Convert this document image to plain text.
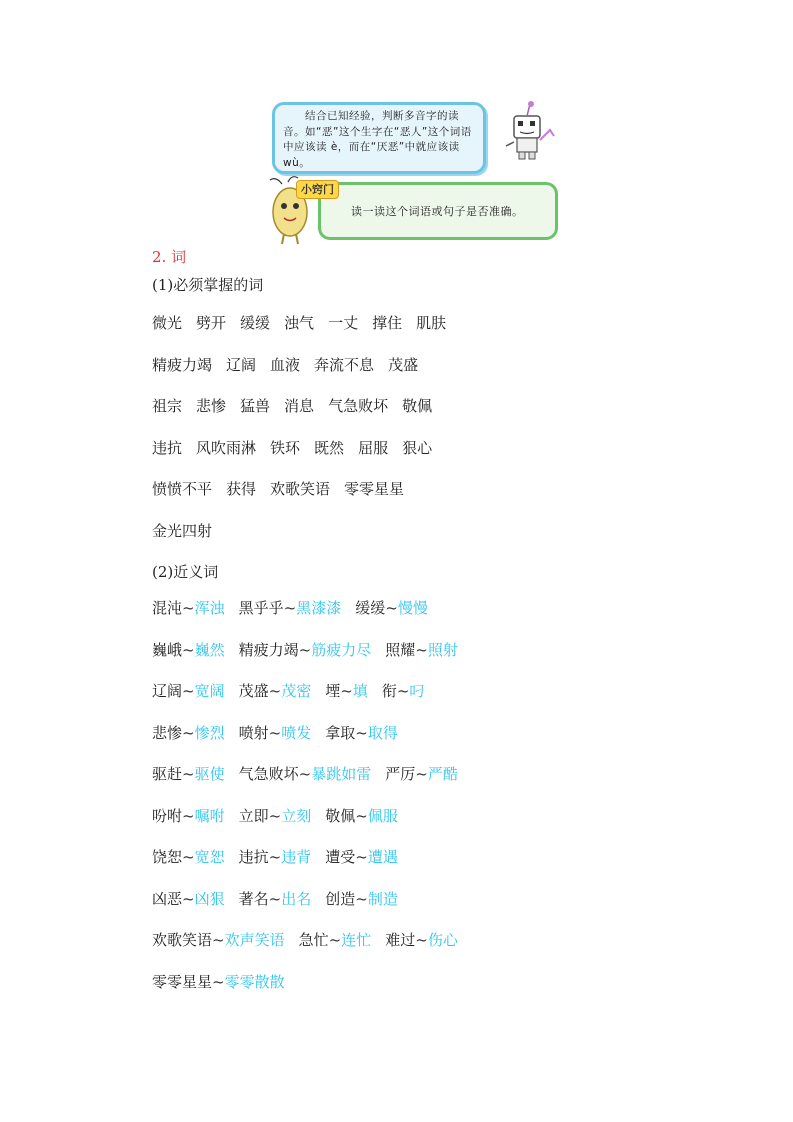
结合已知经验，判断多音字的读音。如“恶”这个生字在“恶人”这个词语中应该读 è，而在“厌恶”中就应该读 wù。
读一读这个词语或句子是否准确。
小窍门
2. 词
(1)必须掌握的词
微光 劈开 缓缓 浊气 一丈 撑住 肌肤
精疲力竭 辽阔 血液 奔流不息 茂盛
祖宗 悲惨 猛兽 消息 气急败坏 敬佩
违抗 风吹雨淋 铁环 既然 屈服 狠心
愤愤不平 获得 欢歌笑语 零零星星
金光四射
(2)近义词
混沌~浑浊 黑乎乎~黑漆漆 缓缓~慢慢
巍峨~巍然 精疲力竭~筋疲力尽 照耀~照射
辽阔~宽阔 茂盛~茂密 堙~填 衔~叼
悲惨~惨烈 喷射~喷发 拿取~取得
驱赶~驱使 气急败坏~暴跳如雷 严厉~严酷
吩咐~嘱咐 立即~立刻 敬佩~佩服
饶恕~宽恕 违抗~违背 遭受~遭遇
凶恶~凶狠 著名~出名 创造~制造
欢歌笑语~欢声笑语 急忙~连忙 难过~伤心
零零星星~零零散散
